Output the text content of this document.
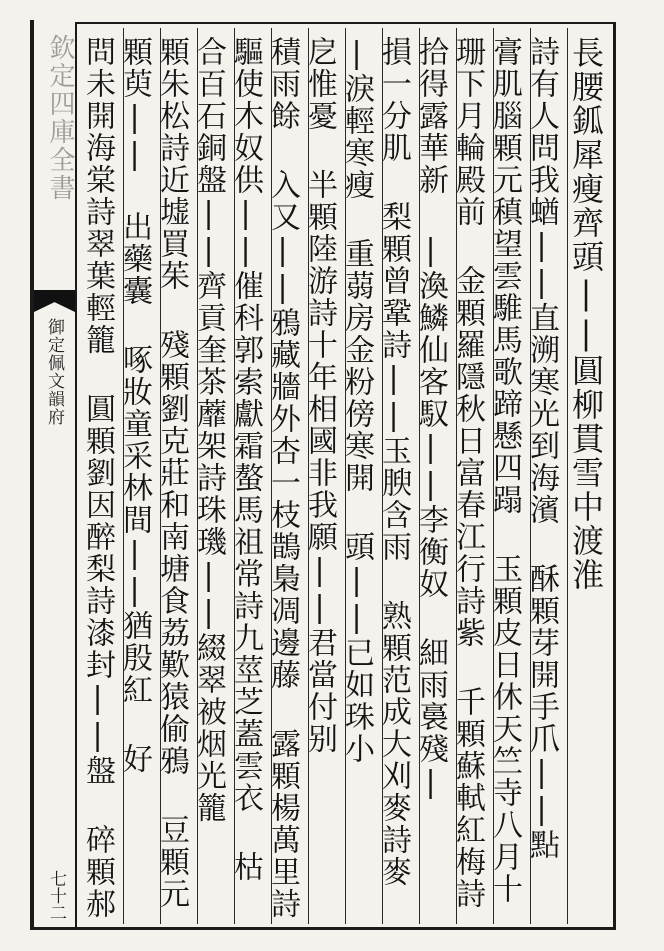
欽定四庫全書
御定佩文韻府
七十二
長腰鈲犀瘦齊頭||圓柳貫雪中渡淮
詩有人問我蝤||直溯寒光到海濱 酥顆芽開手爪||點
膏肌腦顆元稹望雲騅馬歌蹄懸四蹋 玉顆皮日休天竺寺八月十
珊下月輪殿前 金顆羅隱秋日富春江行詩紫 千顆蘇軾紅梅詩
拾得露華新 |渙鱗仙客馭||李衡奴 細雨裛殘|
損一分肌 梨顆曾鞏詩||玉腴含雨 熟顆范成大刈麥詩麥
|淚輕寒瘦 重蒻房金粉傍寒開 頭||已如珠小
戹惟憂 半顆陸游詩十年相國非我願||君當付别
積雨餘 入又||鴉藏牆外杏一枝鵲梟凋邊藤 露顆楊萬里詩
驅使木奴供||催科郭索獻霜螯馬祖常詩九莖芝蓋雲衣 枯
合百石銅盤||齊貢奎茶蘼架詩珠璣||綴翠被烟光籠
顆朱松詩近墟買茱 殘顆劉克莊和南塘食荔歎猿偷鴉 豆顆元
顆萸|| 出藥囊 啄妝童采林間||猶殷紅 好
問未開海棠詩翠葉輕籠 圓顆劉因醉梨詩漆封||盤 碎顆郝
